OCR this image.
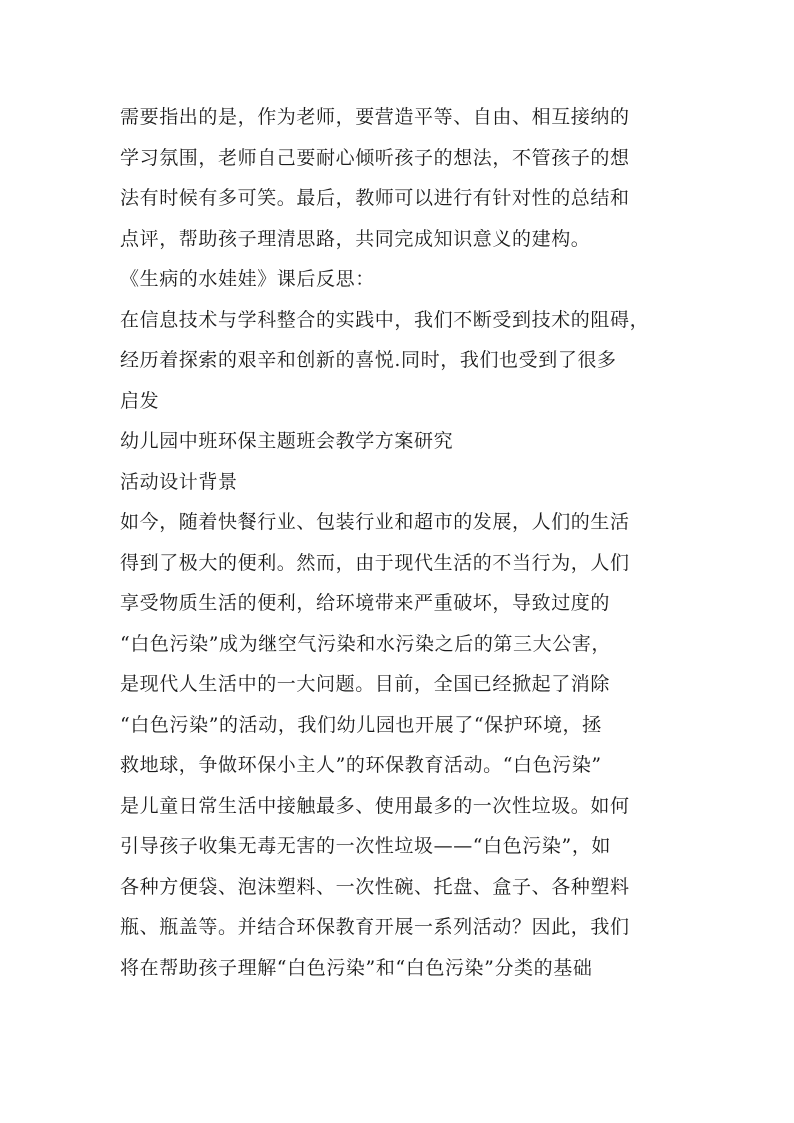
需要指出的是，作为老师，要营造平等、自由、相互接纳的
学习氛围，老师自己要耐心倾听孩子的想法，不管孩子的想
法有时候有多可笑。最后，教师可以进行有针对性的总结和
点评，帮助孩子理清思路，共同完成知识意义的建构。
《生病的水娃娃》课后反思：
在信息技术与学科整合的实践中，我们不断受到技术的阻碍，
经历着探索的艰辛和创新的喜悦.同时，我们也受到了很多
启发
幼儿园中班环保主题班会教学方案研究
活动设计背景
如今，随着快餐行业、包装行业和超市的发展，人们的生活
得到了极大的便利。然而，由于现代生活的不当行为，人们
享受物质生活的便利，给环境带来严重破坏，导致过度的
“白色污染”成为继空气污染和水污染之后的第三大公害，
是现代人生活中的一大问题。目前，全国已经掀起了消除
“白色污染”的活动，我们幼儿园也开展了“保护环境，拯
救地球，争做环保小主人”的环保教育活动。“白色污染”
是儿童日常生活中接触最多、使用最多的一次性垃圾。如何
引导孩子收集无毒无害的一次性垃圾——“白色污染”，如
各种方便袋、泡沫塑料、一次性碗、托盘、盒子、各种塑料
瓶、瓶盖等。并结合环保教育开展一系列活动？因此，我们
将在帮助孩子理解“白色污染”和“白色污染”分类的基础
